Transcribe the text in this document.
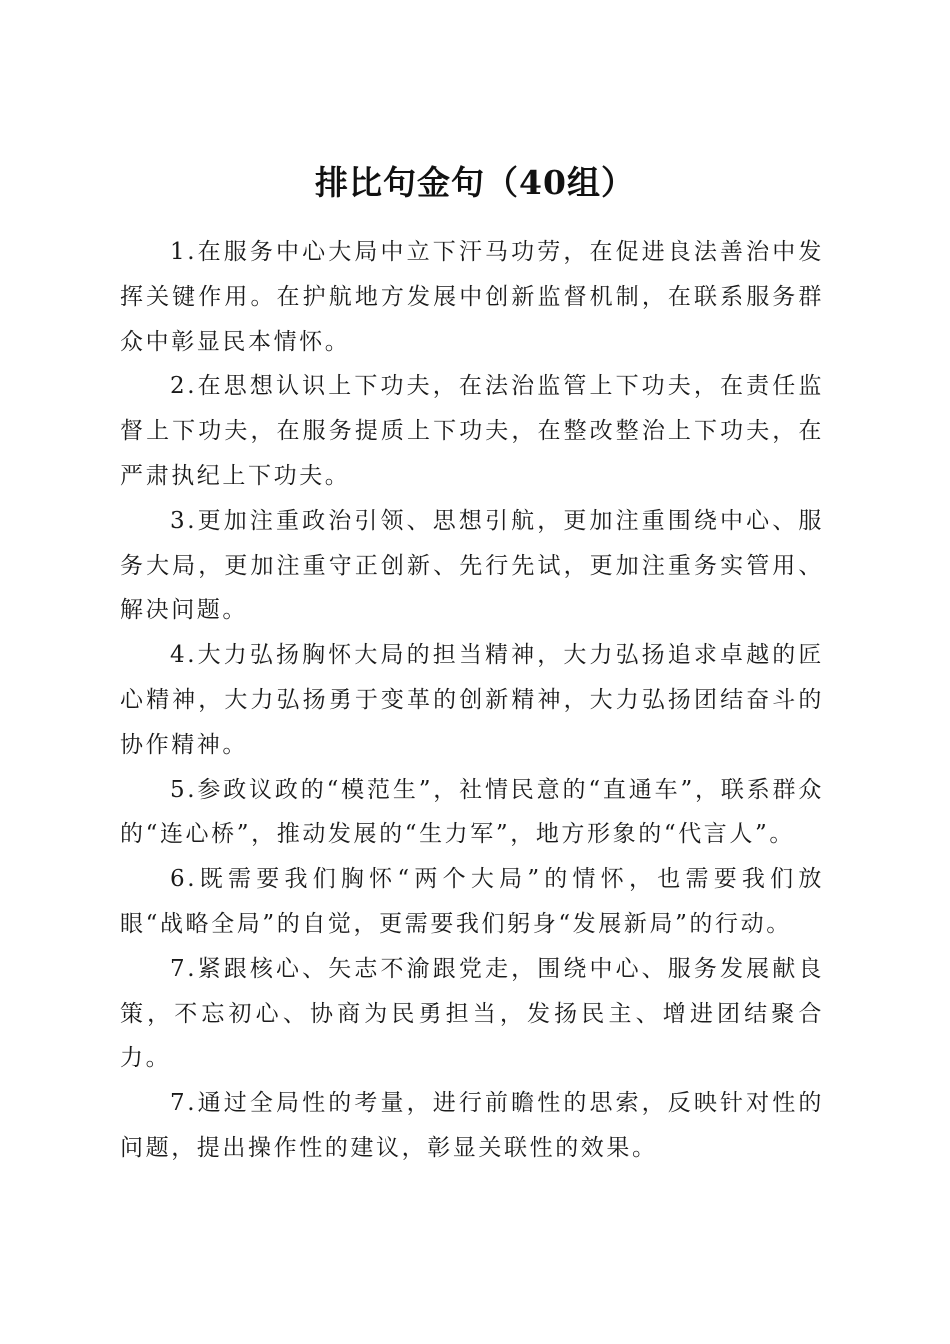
排比句金句（40组）

1.在服务中心大局中立下汗马功劳，在促进良法善治中发挥关键作用。在护航地方发展中创新监督机制，在联系服务群众中彰显民本情怀。

2.在思想认识上下功夫，在法治监管上下功夫，在责任监督上下功夫，在服务提质上下功夫，在整改整治上下功夫，在严肃执纪上下功夫。

3.更加注重政治引领、思想引航，更加注重围绕中心、服务大局，更加注重守正创新、先行先试，更加注重务实管用、解决问题。

4.大力弘扬胸怀大局的担当精神，大力弘扬追求卓越的匠心精神，大力弘扬勇于变革的创新精神，大力弘扬团结奋斗的协作精神。

5.参政议政的“模范生”，社情民意的“直通车”，联系群众的“连心桥”，推动发展的“生力军”，地方形象的“代言人”。

6.既需要我们胸怀“两个大局”的情怀，也需要我们放眼“战略全局”的自觉，更需要我们躬身“发展新局”的行动。

7.紧跟核心、矢志不渝跟党走，围绕中心、服务发展献良策，不忘初心、协商为民勇担当，发扬民主、增进团结聚合力。

7.通过全局性的考量，进行前瞻性的思索，反映针对性的问题，提出操作性的建议，彰显关联性的效果。
